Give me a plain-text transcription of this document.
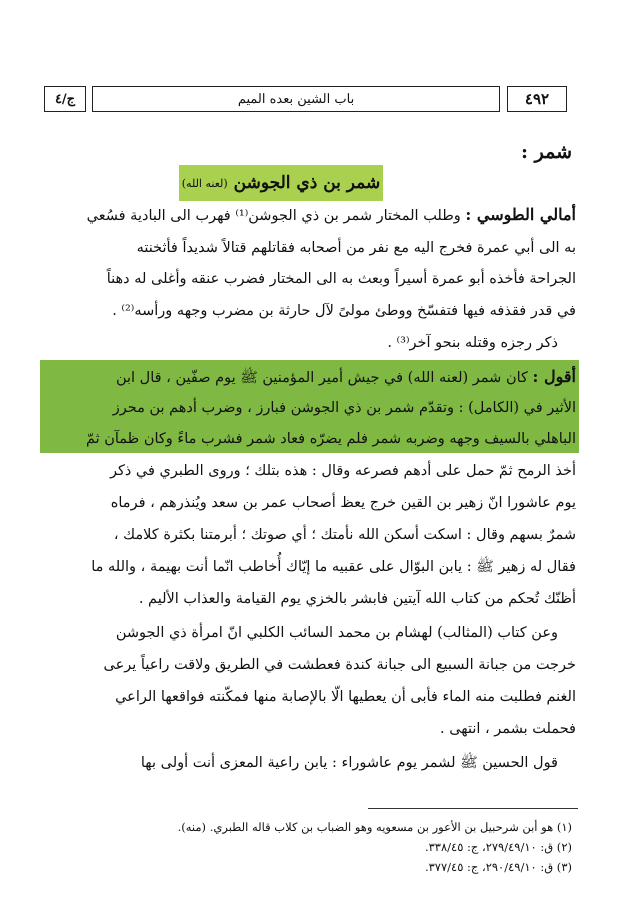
٤٩٢
باب الشين بعده الميم
ج/٤
شمر :
شمر بن ذي الجوشن
(لعنه الله)
أمالي الطوسي : وطلب المختار شمر بن ذي الجوشن⁽¹⁾ فهرب الى البادية فسُعي
به الى أبي عمرة فخرج اليه مع نفر من أصحابه فقاتلهم قتالاً شديداً فأثخنته
الجراحة فأخذه أبو عمرة أسيراً وبعث به الى المختار فضرب عنقه وأغلى له دهناً
في قدر فقذفه فيها فتفسّخ ووطئ مولىً لآل حارثة بن مضرب وجهه ورأسه⁽²⁾ .
ذكر رجزه وقتله بنحو آخر⁽³⁾ .
أقول : كان شمر (لعنه الله) في جيش أمير المؤمنين ﷺ يوم صفّين ، قال ابن
الأثير في (الكامل) : وتقدّم شمر بن ذي الجوشن فبارز ، وضرب أدهم بن محرز
الباهلي بالسيف وجهه وضربه شمر فلم يضرّه فعاد شمر فشرب ماءً وكان ظمآن ثمّ
أخذ الرمح ثمّ حمل على أدهم فصرعه وقال : هذه بتلك ؛ وروى الطبري في ذكر
يوم عاشورا انّ زهير بن القين خرج يعظ أصحاب عمر بن سعد ويُنذرهم ، فرماه
شمرٌ بسهم وقال : اسكت أسكن الله نأمتك ؛ أي صوتك ؛ أبرمتنا بكثرة كلامك ،
فقال له زهير ﷺ : يابن البوّال على عقبيه ما إيّاك أُخاطب انّما أنت بهيمة ، والله ما
أظنّك تُحكم من كتاب الله آيتين فابشر بالخزي يوم القيامة والعذاب الأليم .
وعن كتاب (المثالب) لهشام بن محمد السائب الكلبي انّ امرأة ذي الجوشن
خرجت من جبانة السبيع الى جبانة كندة فعطشت في الطريق ولاقت راعياً يرعى
الغنم فطلبت منه الماء فأبى أن يعطيها الّا بالإصابة منها فمكّنته فواقعها الراعي
فحملت بشمر ، انتهى .
قول الحسين ﷺ لشمر يوم عاشوراء : يابن راعية المعزى أنت أولى بها
(١) هو أبن شرحبيل بن الأعور بن مسعويه وهو الضباب بن كلاب قاله الطبري. (منه).
(٢) ق: ٢٧٩/٤٩/١٠، ج: ٣٣٨/٤٥.
(٣) ق: ٢٩٠/٤٩/١٠، ج: ٣٧٧/٤٥.
